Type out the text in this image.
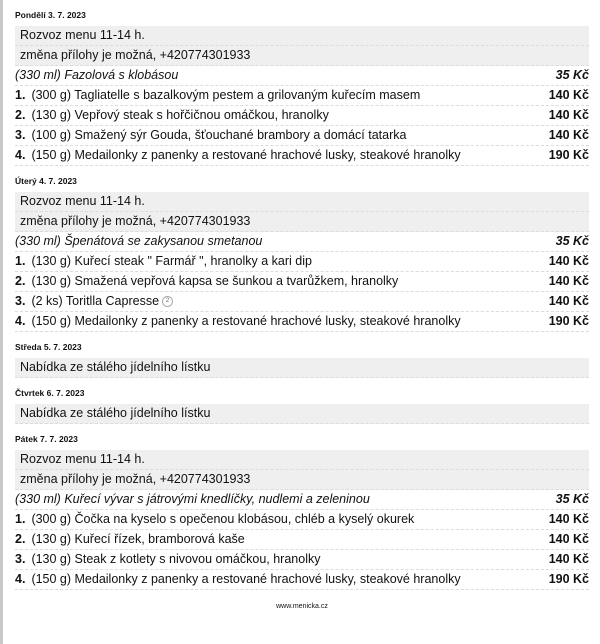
Pondělí 3. 7. 2023
Rozvoz menu 11-14 h.
změna přílohy je možná, +420774301933
(330 ml) Fazolová s klobásou	35 Kč
1. (300 g) Tagliatelle s bazalkovým pestem a grilovaným kuřecím masem	140 Kč
2. (130 g) Vepřový steak s hořčičnou omáčkou, hranolky	140 Kč
3. (100 g) Smažený sýr Gouda, šťouchané brambory a domácí tatarka	140 Kč
4. (150 g) Medailonky z panenky a restované hrachové lusky, steakové hranolky	190 Kč
Úterý 4. 7. 2023
Rozvoz menu 11-14 h.
změna přílohy je možná, +420774301933
(330 ml) Špenátová se zakysanou smetanou	35 Kč
1. (130 g) Kuřecí steak " Farmář ", hranolky a kari dip	140 Kč
2. (130 g) Smažená vepřová kapsa se šunkou a tvarůžkem, hranolky	140 Kč
3. (2 ks) Toritlla Capresse 2	140 Kč
4. (150 g) Medailonky z panenky a restované hrachové lusky, steakové hranolky	190 Kč
Středa 5. 7. 2023
Nabídka ze stálého jídelního lístku
Čtvrtek 6. 7. 2023
Nabídka ze stálého jídelního lístku
Pátek 7. 7. 2023
Rozvoz menu 11-14 h.
změna přílohy je možná, +420774301933
(330 ml) Kuřecí vývar s játrovými knedlíčky, nudlemi a zeleninou	35 Kč
1. (300 g) Čočka na kyselo s opečenou klobásou, chléb a kyselý okurek	140 Kč
2. (130 g) Kuřecí řízek, bramborová kaše	140 Kč
3. (130 g) Steak z kotlety s nivovou omáčkou, hranolky	140 Kč
4. (150 g) Medailonky z panenky a restované hrachové lusky, steakové hranolky	190 Kč
www.menicka.cz
